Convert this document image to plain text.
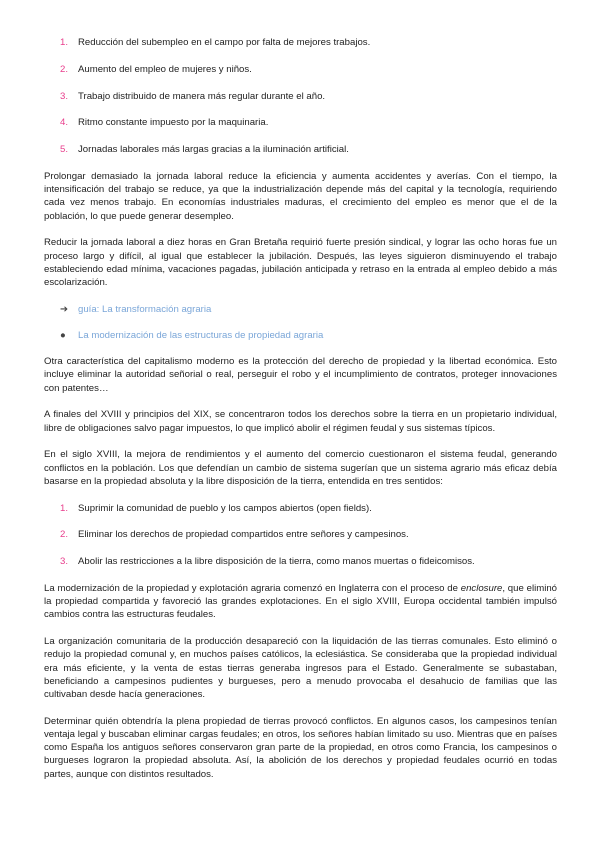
1. Reducción del subempleo en el campo por falta de mejores trabajos.
2. Aumento del empleo de mujeres y niños.
3. Trabajo distribuido de manera más regular durante el año.
4. Ritmo constante impuesto por la maquinaria.
5. Jornadas laborales más largas gracias a la iluminación artificial.

Prolongar demasiado la jornada laboral reduce la eficiencia y aumenta accidentes y averías. Con el tiempo, la intensificación del trabajo se reduce, ya que la industrialización depende más del capital y la tecnología, requiriendo cada vez menos trabajo. En economías industriales maduras, el crecimiento del empleo es menor que el de la población, lo que puede generar desempleo.

Reducir la jornada laboral a diez horas en Gran Bretaña requirió fuerte presión sindical, y lograr las ocho horas fue un proceso largo y difícil, al igual que establecer la jubilación. Después, las leyes siguieron disminuyendo el trabajo estableciendo edad mínima, vacaciones pagadas, jubilación anticipada y retraso en la entrada al empleo debido a más escolarización.

➔ guía: La transformación agraria
● La modernización de las estructuras de propiedad agraria

Otra característica del capitalismo moderno es la protección del derecho de propiedad y la libertad económica. Esto incluye eliminar la autoridad señorial o real, perseguir el robo y el incumplimiento de contratos, proteger innovaciones con patentes…

A finales del XVIII y principios del XIX, se concentraron todos los derechos sobre la tierra en un propietario individual, libre de obligaciones salvo pagar impuestos, lo que implicó abolir el régimen feudal y sus sistemas típicos.

En el siglo XVIII, la mejora de rendimientos y el aumento del comercio cuestionaron el sistema feudal, generando conflictos en la población. Los que defendían un cambio de sistema sugerían que un sistema agrario más eficaz debía basarse en la propiedad absoluta y la libre disposición de la tierra, entendida en tres sentidos:

1. Suprimir la comunidad de pueblo y los campos abiertos (open fields).
2. Eliminar los derechos de propiedad compartidos entre señores y campesinos.
3. Abolir las restricciones a la libre disposición de la tierra, como manos muertas o fideicomisos.

La modernización de la propiedad y explotación agraria comenzó en Inglaterra con el proceso de enclosure, que eliminó la propiedad compartida y favoreció las grandes explotaciones. En el siglo XVIII, Europa occidental también impulsó cambios contra las estructuras feudales.

La organización comunitaria de la producción desapareció con la liquidación de las tierras comunales. Esto eliminó o redujo la propiedad comunal y, en muchos países católicos, la eclesiástica. Se consideraba que la propiedad individual era más eficiente, y la venta de estas tierras generaba ingresos para el Estado. Generalmente se subastaban, beneficiando a campesinos pudientes y burgueses, pero a menudo provocaba el desahucio de familias que las cultivaban desde hacía generaciones.

Determinar quién obtendría la plena propiedad de tierras provocó conflictos. En algunos casos, los campesinos tenían ventaja legal y buscaban eliminar cargas feudales; en otros, los señores habían limitado su uso. Mientras que en países como España los antiguos señores conservaron gran parte de la propiedad, en otros como Francia, los campesinos o burgueses lograron la propiedad absoluta. Así, la abolición de los derechos y propiedad feudales ocurrió en todas partes, aunque con distintos resultados.
